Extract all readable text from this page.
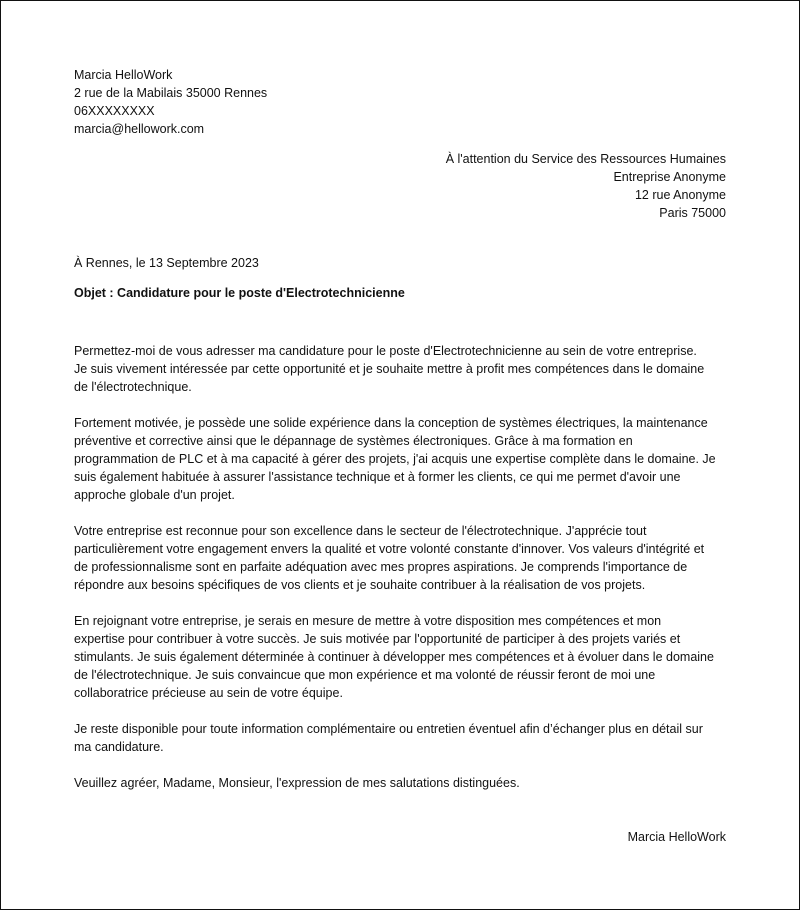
Marcia HelloWork
2 rue de la Mabilais 35000 Rennes
06XXXXXXXX
marcia@hellowork.com
À l'attention du Service des Ressources Humaines
Entreprise Anonyme
12 rue Anonyme
Paris 75000
À Rennes, le 13 Septembre 2023
Objet : Candidature pour le poste d'Electrotechnicienne
Permettez-moi de vous adresser ma candidature pour le poste d'Electrotechnicienne au sein de votre entreprise.
Je suis vivement intéressée par cette opportunité et je souhaite mettre à profit mes compétences dans le domaine
de l'électrotechnique.
Fortement motivée, je possède une solide expérience dans la conception de systèmes électriques, la maintenance
préventive et corrective ainsi que le dépannage de systèmes électroniques. Grâce à ma formation en
programmation de PLC et à ma capacité à gérer des projets, j'ai acquis une expertise complète dans le domaine. Je
suis également habituée à assurer l'assistance technique et à former les clients, ce qui me permet d'avoir une
approche globale d'un projet.
Votre entreprise est reconnue pour son excellence dans le secteur de l'électrotechnique. J'apprécie tout
particulièrement votre engagement envers la qualité et votre volonté constante d'innover. Vos valeurs d'intégrité et
de professionnalisme sont en parfaite adéquation avec mes propres aspirations. Je comprends l'importance de
répondre aux besoins spécifiques de vos clients et je souhaite contribuer à la réalisation de vos projets.
En rejoignant votre entreprise, je serais en mesure de mettre à votre disposition mes compétences et mon
expertise pour contribuer à votre succès. Je suis motivée par l'opportunité de participer à des projets variés et
stimulants. Je suis également déterminée à continuer à développer mes compétences et à évoluer dans le domaine
de l'électrotechnique. Je suis convaincue que mon expérience et ma volonté de réussir feront de moi une
collaboratrice précieuse au sein de votre équipe.
Je reste disponible pour toute information complémentaire ou entretien éventuel afin d’échanger plus en détail sur
ma candidature.
Veuillez agréer, Madame, Monsieur, l'expression de mes salutations distinguées.
Marcia HelloWork
